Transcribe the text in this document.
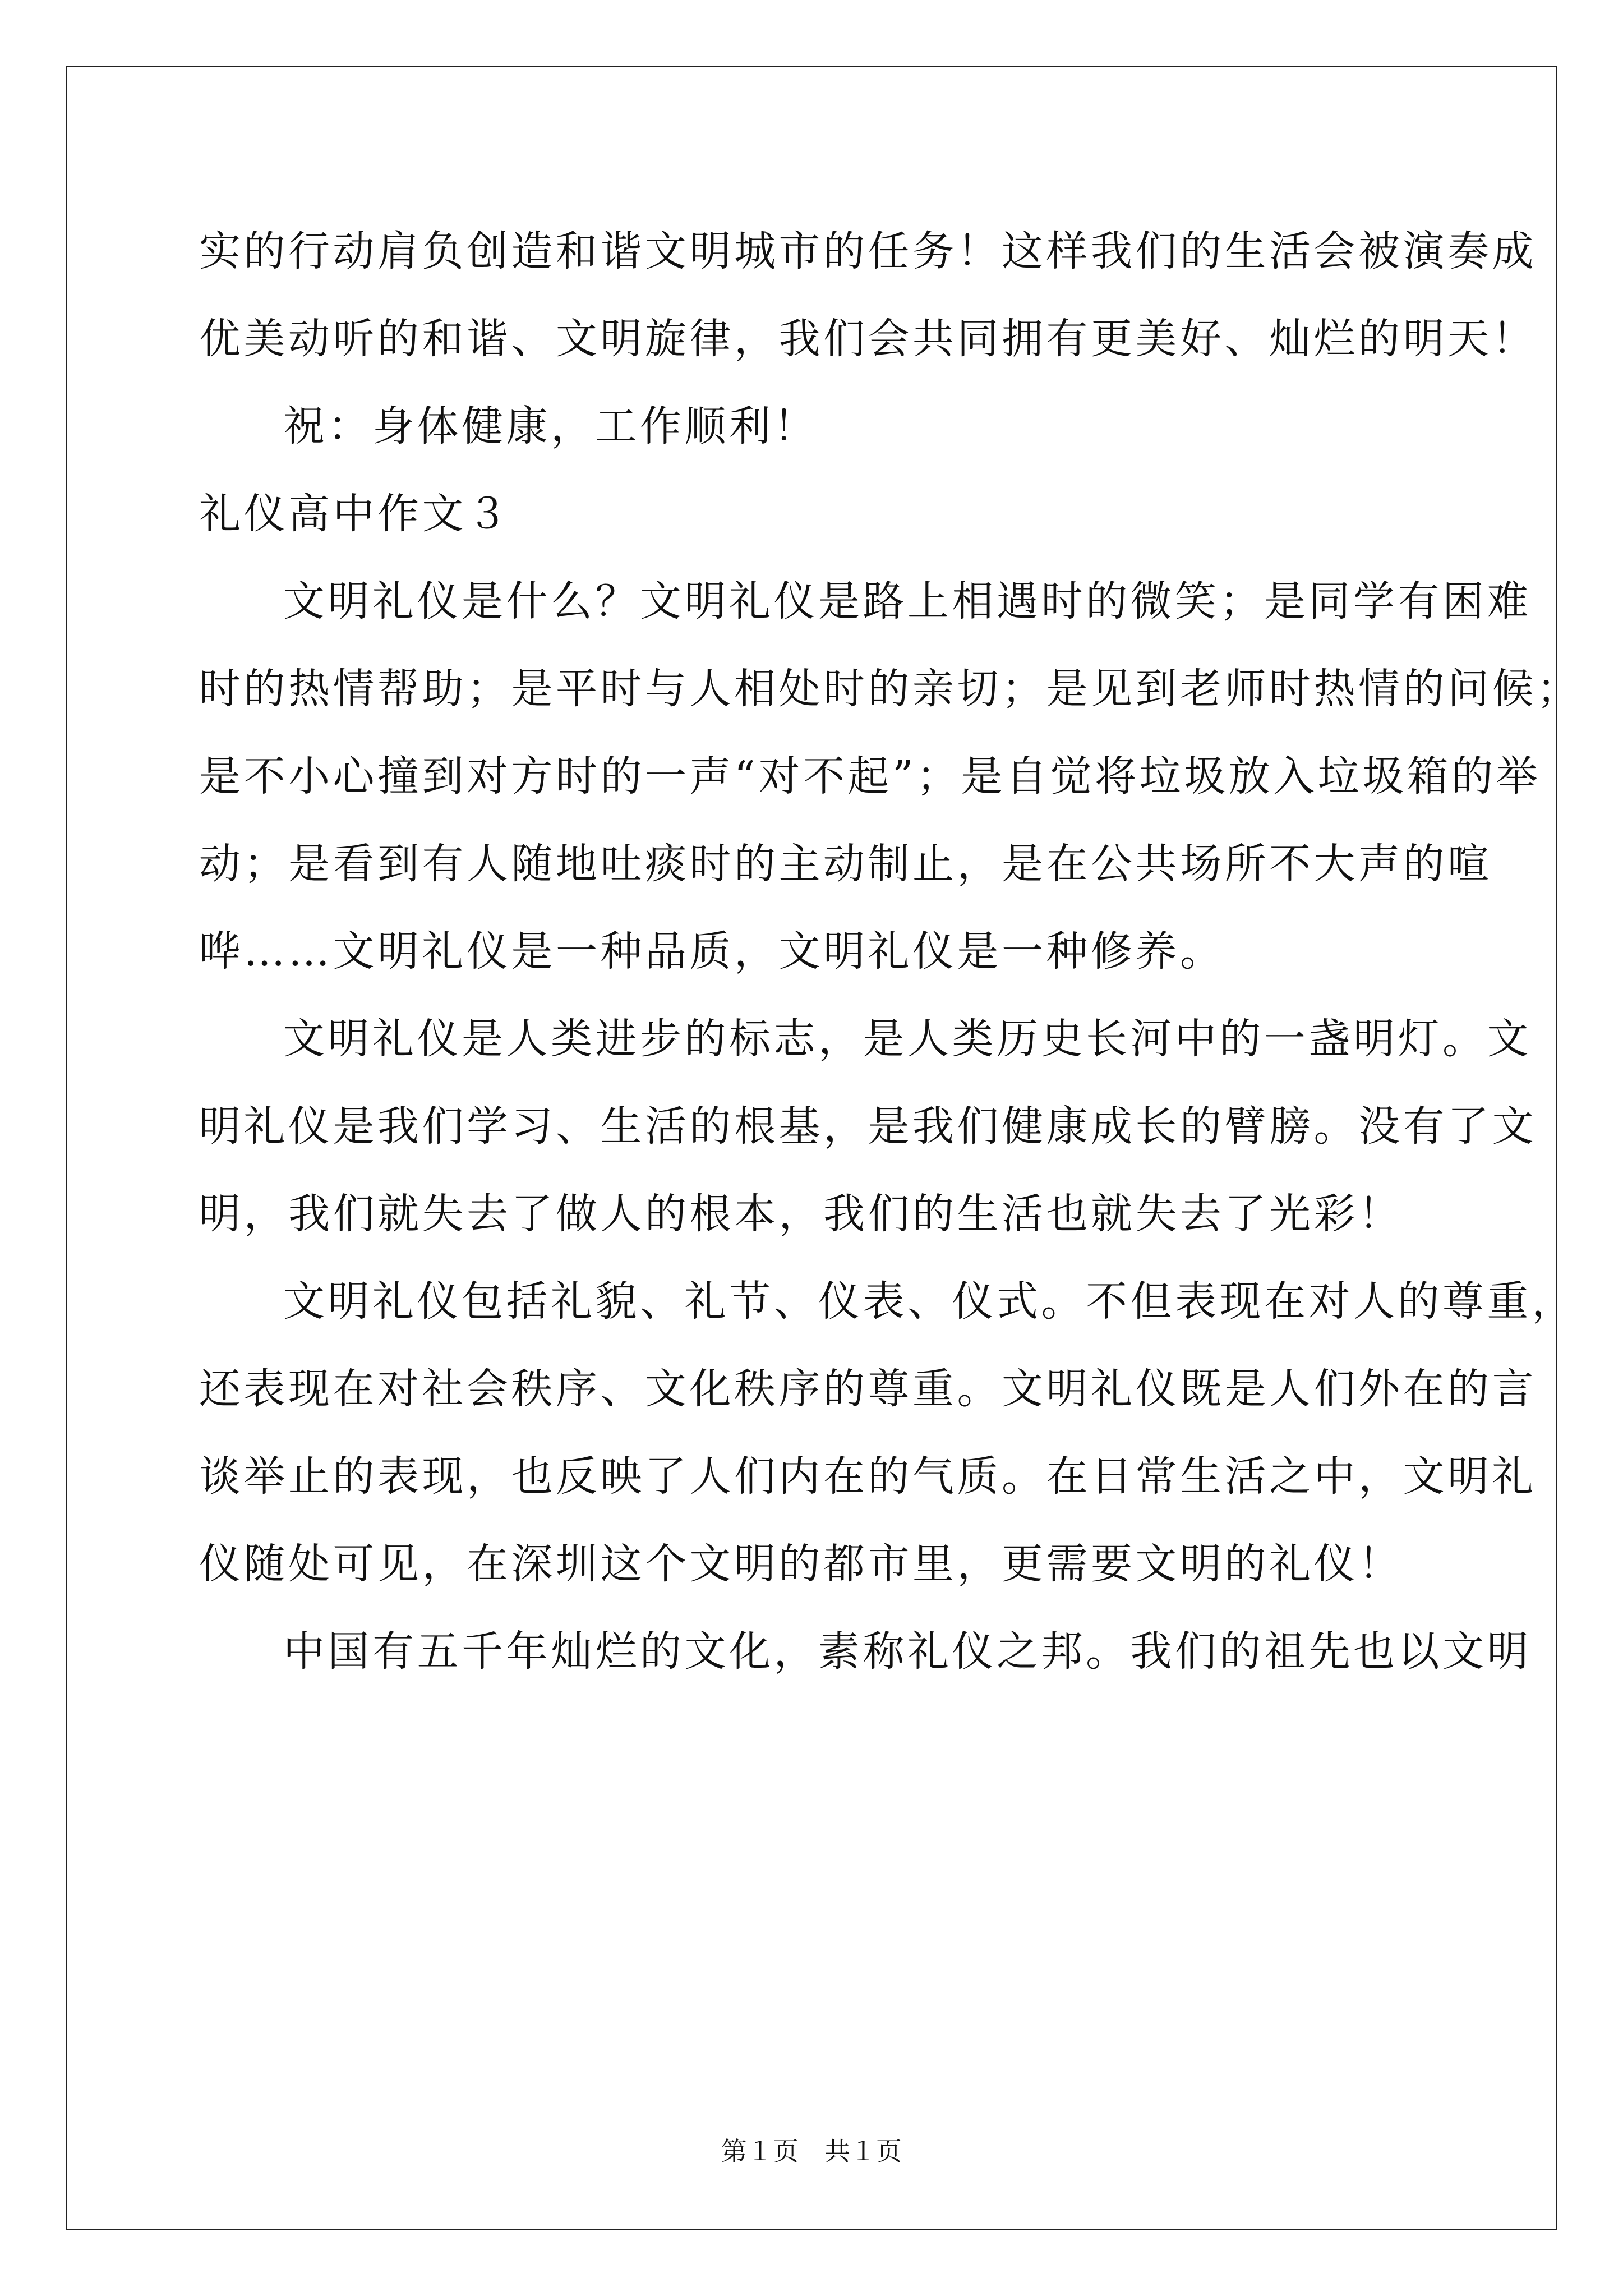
实的行动肩负创造和谐文明城市的任务！这样我们的生活会被演奏成
优美动听的和谐、文明旋律，我们会共同拥有更美好、灿烂的明天！
祝：身体健康，工作顺利！
礼仪高中作文３
文明礼仪是什么？文明礼仪是路上相遇时的微笑；是同学有困难
时的热情帮助；是平时与人相处时的亲切；是见到老师时热情的问候；
是不小心撞到对方时的一声“对不起”；是自觉将垃圾放入垃圾箱的举
动；是看到有人随地吐痰时的主动制止，是在公共场所不大声的喧
哗……文明礼仪是一种品质，文明礼仪是一种修养。
文明礼仪是人类进步的标志，是人类历史长河中的一盏明灯。文
明礼仪是我们学习、生活的根基，是我们健康成长的臂膀。没有了文
明，我们就失去了做人的根本，我们的生活也就失去了光彩！
文明礼仪包括礼貌、礼节、仪表、仪式。不但表现在对人的尊重，
还表现在对社会秩序、文化秩序的尊重。文明礼仪既是人们外在的言
谈举止的表现，也反映了人们内在的气质。在日常生活之中，文明礼
仪随处可见，在深圳这个文明的都市里，更需要文明的礼仪！
中国有五千年灿烂的文化，素称礼仪之邦。我们的祖先也以文明
第１页　共１页
